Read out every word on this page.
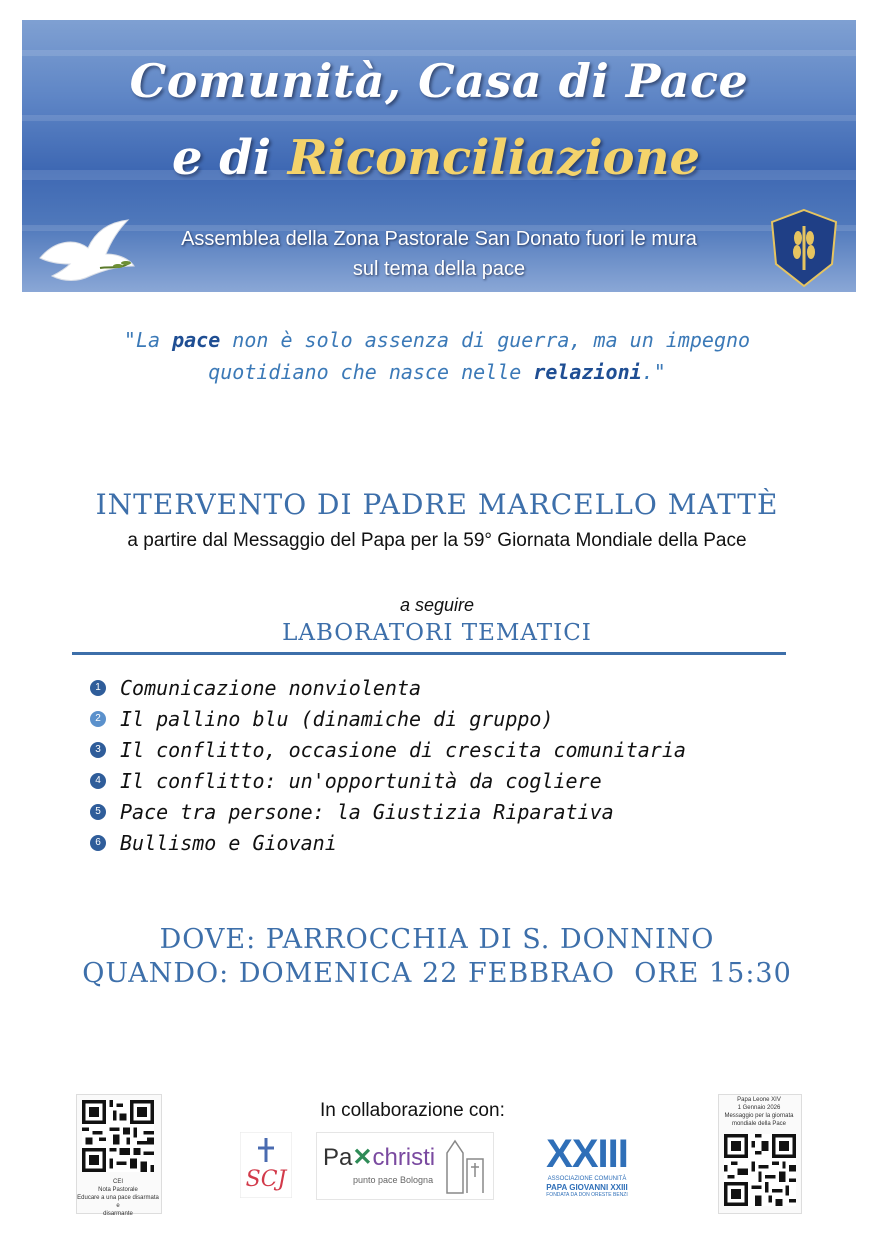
Comunità, Casa di Pace
e di Riconciliazione
Assemblea della Zona Pastorale San Donato fuori le mura
sul tema della pace
"La pace non è solo assenza di guerra, ma un impegno
quotidiano che nasce nelle relazioni."
INTERVENTO DI PADRE MARCELLO MATTÈ
a partire dal Messaggio del Papa per la 59° Giornata Mondiale della Pace
a seguire
LABORATORI TEMATICI
1 Comunicazione nonviolenta
2 Il pallino blu (dinamiche di gruppo)
3 Il conflitto, occasione di crescita comunitaria
4 Il conflitto: un'opportunità da cogliere
5 Pace tra persone: la Giustizia Riparativa
6 Bullismo e Giovani
DOVE: PARROCCHIA DI S. DONNINO
QUANDO: DOMENICA 22 FEBBRAO  ORE 15:30
In collaborazione con:
CEI
Nota Pastorale
Educare a una pace disarmata e
disarmante
SCJ
Pa✕christi
punto pace Bologna
XXIII
ASSOCIAZIONE COMUNITÀ
PAPA GIOVANNI XXIII
FONDATA DA DON ORESTE BENZI
Papa Leone XIV
1 Gennaio 2026
Messaggio per la giornata
mondiale della Pace
